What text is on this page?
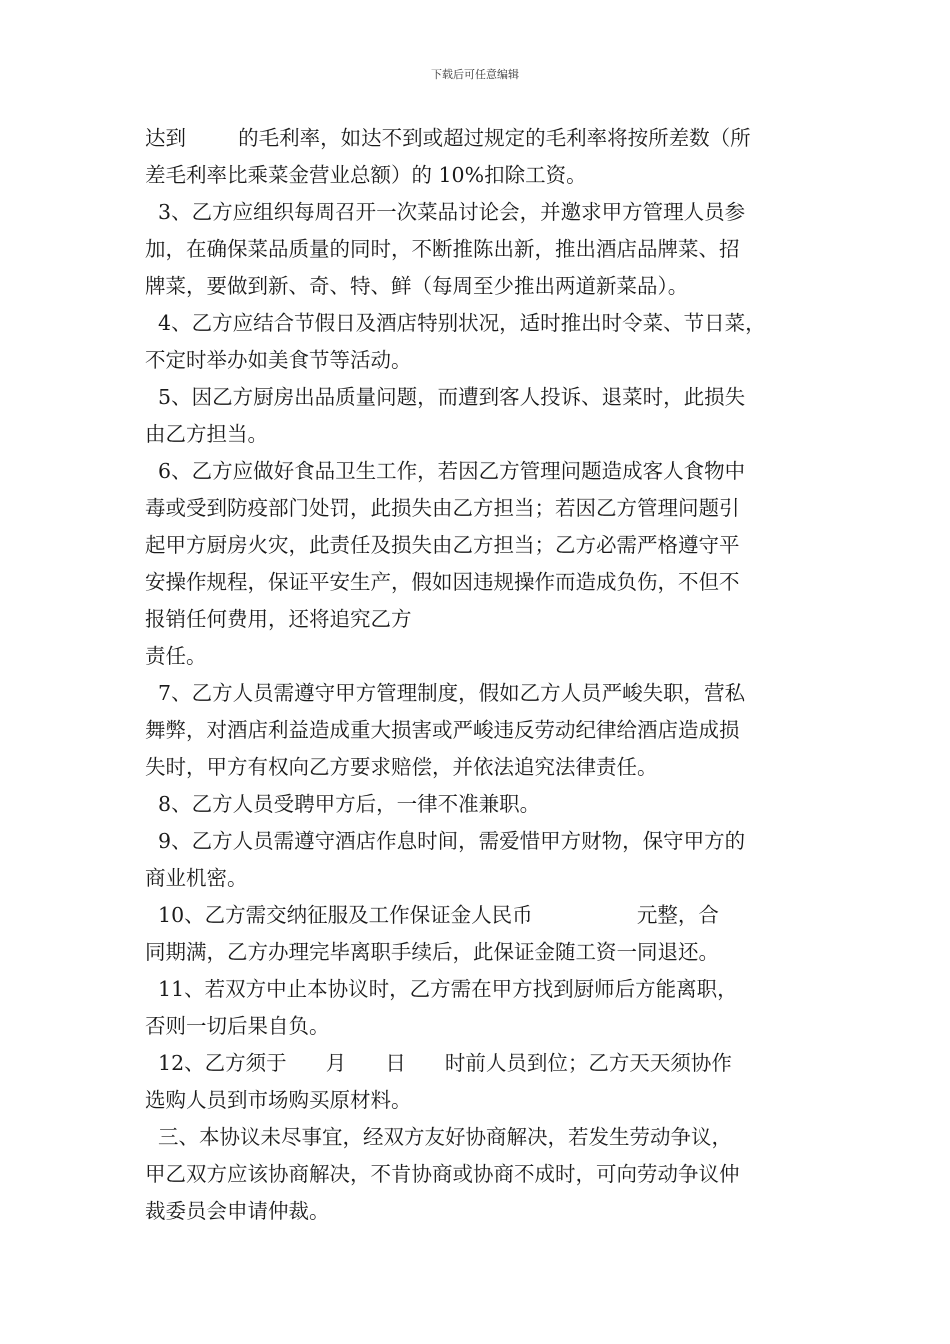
下载后可任意编辑
达到        的毛利率，如达不到或超过规定的毛利率将按所差数（所
差毛利率比乘菜金营业总额）的 10%扣除工资。
3、乙方应组织每周召开一次菜品讨论会，并邀求甲方管理人员参
加，在确保菜品质量的同时，不断推陈出新，推出酒店品牌菜、招
牌菜，要做到新、奇、特、鲜（每周至少推出两道新菜品）。
4、乙方应结合节假日及酒店特别状况，适时推出时令菜、节日菜，
不定时举办如美食节等活动。
5、因乙方厨房出品质量问题，而遭到客人投诉、退菜时，此损失
由乙方担当。
6、乙方应做好食品卫生工作，若因乙方管理问题造成客人食物中
毒或受到防疫部门处罚，此损失由乙方担当；若因乙方管理问题引
起甲方厨房火灾，此责任及损失由乙方担当；乙方必需严格遵守平
安操作规程，保证平安生产，假如因违规操作而造成负伤，不但不
报销任何费用，还将追究乙方
责任。
7、乙方人员需遵守甲方管理制度，假如乙方人员严峻失职，营私
舞弊，对酒店利益造成重大损害或严峻违反劳动纪律给酒店造成损
失时，甲方有权向乙方要求赔偿，并依法追究法律责任。
8、乙方人员受聘甲方后，一律不准兼职。
9、乙方人员需遵守酒店作息时间，需爱惜甲方财物，保守甲方的
商业机密。
10、乙方需交纳征服及工作保证金人民币                元整，合
同期满，乙方办理完毕离职手续后，此保证金随工资一同退还。
11、若双方中止本协议时，乙方需在甲方找到厨师后方能离职，
否则一切后果自负。
12、乙方须于      月      日      时前人员到位；乙方天天须协作
选购人员到市场购买原材料。
三、本协议未尽事宜，经双方友好协商解决，若发生劳动争议，
甲乙双方应该协商解决，不肯协商或协商不成时，可向劳动争议仲
裁委员会申请仲裁。
